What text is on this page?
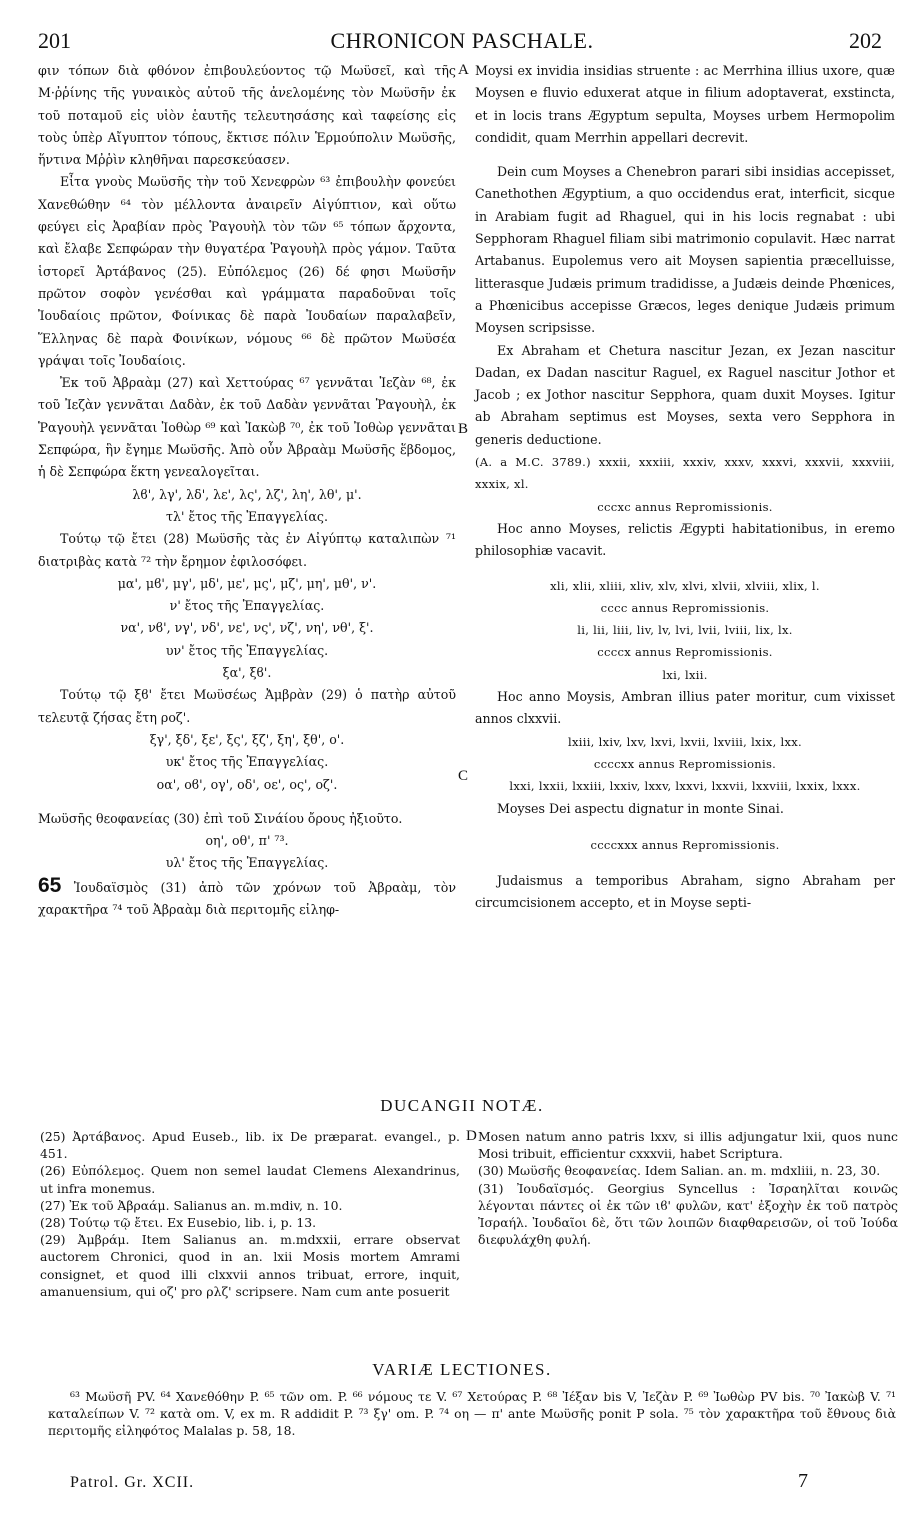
201	CHRONICON PASCHALE.	202
A
B
C
D

φιν τόπων διὰ φθόνον ἐπιβουλεύοντος τῷ Μωϋσεῖ, καὶ τῆς Μ·ῤῥίνης τῆς γυναικὸς αὐτοῦ τῆς ἀνελομένης τὸν Μωϋσῆν ἐκ τοῦ ποταμοῦ εἰς υἱὸν ἑαυτῆς τελευτησάσης καὶ ταφείσης εἰς τοὺς ὑπὲρ Αἴγυπτον τόπους, ἔκτισε πόλιν Ἑρμούπολιν Μωϋσῆς, ἥντινα Μῤῥὶν κληθῆναι παρεσκεύασεν.

Εἶτα γνοὺς Μωϋσῆς τὴν τοῦ Χενεφρὼν ⁶³ ἐπιβουλὴν φονεύει Χανεθώθην ⁶⁴ τὸν μέλλοντα ἀναιρεῖν Αἰγύπτιον, καὶ οὕτω φεύγει εἰς Ἀραβίαν πρὸς Ῥαγουὴλ τὸν τῶν ⁶⁵ τόπων ἄρχοντα, καὶ ἔλαβε Σεπφώραν τὴν θυγατέρα Ῥαγουὴλ πρὸς γάμον. Ταῦτα ἱστορεῖ Ἀρτάβανος (25). Εὐπόλεμος (26) δέ φησι Μωϋσῆν πρῶτον σοφὸν γενέσθαι καὶ γράμματα παραδοῦναι τοῖς Ἰουδαίοις πρῶτον, Φοίνικας δὲ παρὰ Ἰουδαίων παραλαβεῖν, Ἕλληνας δὲ παρὰ Φοινίκων, νόμους ⁶⁶ δὲ πρῶτον Μωϋσέα γράψαι τοῖς Ἰουδαίοις.

Ἐκ τοῦ Ἀβραὰμ (27) καὶ Χεττούρας ⁶⁷ γεννᾶται Ἰεζὰν ⁶⁸, ἐκ τοῦ Ἰεζὰν γεννᾶται Δαδὰν, ἐκ τοῦ Δαδὰν γεννᾶται Ῥαγουὴλ, ἐκ Ῥαγουὴλ γεννᾶται Ἰοθὼρ ⁶⁹ καὶ Ἰακὼβ ⁷⁰, ἐκ τοῦ Ἰοθὼρ γεννᾶται Σεπφώρα, ἣν ἔγημε Μωϋσῆς. Ἀπὸ οὖν Ἀβραὰμ Μωϋσῆς ἕβδομος, ἡ δὲ Σεπφώρα ἕκτη γενεαλογεῖται.

λϐ', λγ', λδ', λε', λς', λζ', λη', λθ', μ'.

τλ' ἔτος τῆς Ἐπαγγελίας.

Τούτῳ τῷ ἔτει (28) Μωϋσῆς τὰς ἐν Αἰγύπτῳ καταλιπὼν ⁷¹ διατριβὰς κατὰ ⁷² τὴν ἔρημον ἐφιλοσόφει.

μα', μϐ', μγ', μδ', με', μς', μζ', μη', μθ', ν'.

ν' ἔτος τῆς Ἐπαγγελίας.

να', νϐ', νγ', νδ', νε', νς', νζ', νη', νθ', ξ'.

υν' ἔτος τῆς Ἐπαγγελίας.

ξα', ξϐ'.

Τούτῳ τῷ ξϐ' ἔτει Μωϋσέως Ἀμβρὰν (29) ὁ πατὴρ αὐτοῦ τελευτᾷ ζήσας ἔτη ροζ'.

ξγ', ξδ', ξε', ξς', ξζ', ξη', ξθ', ο'.

υκ' ἔτος τῆς Ἐπαγγελίας.

οα', οϐ', ογ', οδ', οε', ος', οζ'.

Μωϋσῆς θεοφανείας (30) ἐπὶ τοῦ Σινάίου ὄρους ἠξιοῦτο.

οη', οθ', π' ⁷³.

υλ' ἔτος τῆς Ἐπαγγελίας.

65 Ἰουδαϊσμὸς (31) ἀπὸ τῶν χρόνων τοῦ Ἀβραὰμ, τὸν χαρακτῆρα ⁷⁴ τοῦ Ἀβραὰμ διὰ περιτομῆς εἰληφ-

Moysi ex invidia insidias struente : ac Merrhina illius uxore, quæ Moysen e fluvio eduxerat atque in filium adoptaverat, exstincta, et in locis trans Ægyptum sepulta, Moyses urbem Hermopolim condidit, quam Merrhin appellari decrevit.

Dein cum Moyses a Chenebron parari sibi insidias accepisset, Canethothen Ægyptium, a quo occidendus erat, interficit, sicque in Arabiam fugit ad Rhaguel, qui in his locis regnabat : ubi Sepphoram Rhaguel filiam sibi matrimonio copulavit. Hæc narrat Artabanus. Eupolemus vero ait Moysen sapientia præcelluisse, litterasque Judæis primum tradidisse, a Judæis deinde Phœnices, a Phœnicibus accepisse Græcos, leges denique Judæis primum Moysen scripsisse.

Ex Abraham et Chetura nascitur Jezan, ex Jezan nascitur Dadan, ex Dadan nascitur Raguel, ex Raguel nascitur Jothor et Jacob ; ex Jothor nascitur Sepphora, quam duxit Moyses. Igitur ab Abraham septimus est Moyses, sexta vero Sepphora in generis deductione.

(A. a M.C. 3789.) xxxii, xxxiii, xxxiv, xxxv, xxxvi, xxxvii, xxxviii, xxxix, xl.

cccxc annus Repromissionis.

Hoc anno Moyses, relictis Ægypti habitationibus, in eremo philosophiæ vacavit.

xli, xlii, xliii, xliv, xlv, xlvi, xlvii, xlviii, xlix, l.

cccc annus Repromissionis.

li, lii, liii, liv, lv, lvi, lvii, lviii, lix, lx.

ccccx annus Repromissionis.

lxi, lxii.

Hoc anno Moysis, Ambran illius pater moritur, cum vixisset annos clxxvii.

lxiii, lxiv, lxv, lxvi, lxvii, lxviii, lxix, lxx.

ccccxx annus Repromissionis.

lxxi, lxxii, lxxiii, lxxiv, lxxv, lxxvi, lxxvii, lxxviii, lxxix, lxxx.

Moyses Dei aspectu dignatur in monte Sinai.

ccccxxx annus Repromissionis.

Judaismus a temporibus Abraham, signo Abraham per circumcisionem accepto, et in Moyse septi-

DUCANGII NOTÆ.

(25) Ἀρτάβανος. Apud Euseb., lib. ix De præparat. evangel., p. 451.

(26) Εὐπόλεμος. Quem non semel laudat Clemens Alexandrinus, ut infra monemus.

(27) Ἐκ τοῦ Ἀβραάμ. Salianus an. m.mdiv, n. 10.

(28) Τούτῳ τῷ ἔτει. Ex Eusebio, lib. i, p. 13.

(29) Ἀμβράμ. Item Salianus an. m.mdxxii, errare observat auctorem Chronici, quod in an. lxii Mosis mortem Amrami consignet, et quod illi clxxvii annos tribuat, errore, inquit, amanuensium, qui οζ' pro ρλζ' scripsere. Nam cum ante posuerit

Mosen natum anno patris lxxv, si illis adjungatur lxii, quos nunc Mosi tribuit, efficientur cxxxvii, habet Scriptura.

(30) Μωϋσῆς θεοφανείας. Idem Salian. an. m. mdxliii, n. 23, 30.

(31) Ἰουδαϊσμός. Georgius Syncellus : Ἰσραηλῖται κοινῶς λέγονται πάντες οἱ ἐκ τῶν ιϐ' φυλῶν, κατ' ἐξοχὴν ἐκ τοῦ πατρὸς Ἰσραήλ. Ἰουδαῖοι δὲ, ὅτι τῶν λοιπῶν διαφθαρεισῶν, οἱ τοῦ Ἰούδα διεφυλάχθη φυλή.

VARIÆ LECTIONES.

⁶³ Μωϋσῆ PV. ⁶⁴ Χανεθόθην P. ⁶⁵ τῶν om. P. ⁶⁶ νόμους τε V. ⁶⁷ Χετούρας P. ⁶⁸ Ἰέξαν bis V, Ἰεζὰν P. ⁶⁹ Ἰωθὼρ PV bis. ⁷⁰ Ἰακὼβ V. ⁷¹ καταλείπων V. ⁷² κατὰ om. V, ex m. R addidit P. ⁷³ ξγ' om. P. ⁷⁴ οη — π' ante Μωϋσῆς ponit P sola. ⁷⁵ τὸν χαρακτῆρα τοῦ ἔθνους διὰ περιτομῆς εἰληφότος Malalas p. 58, 18.

Patrol. Gr. XCII.	7
